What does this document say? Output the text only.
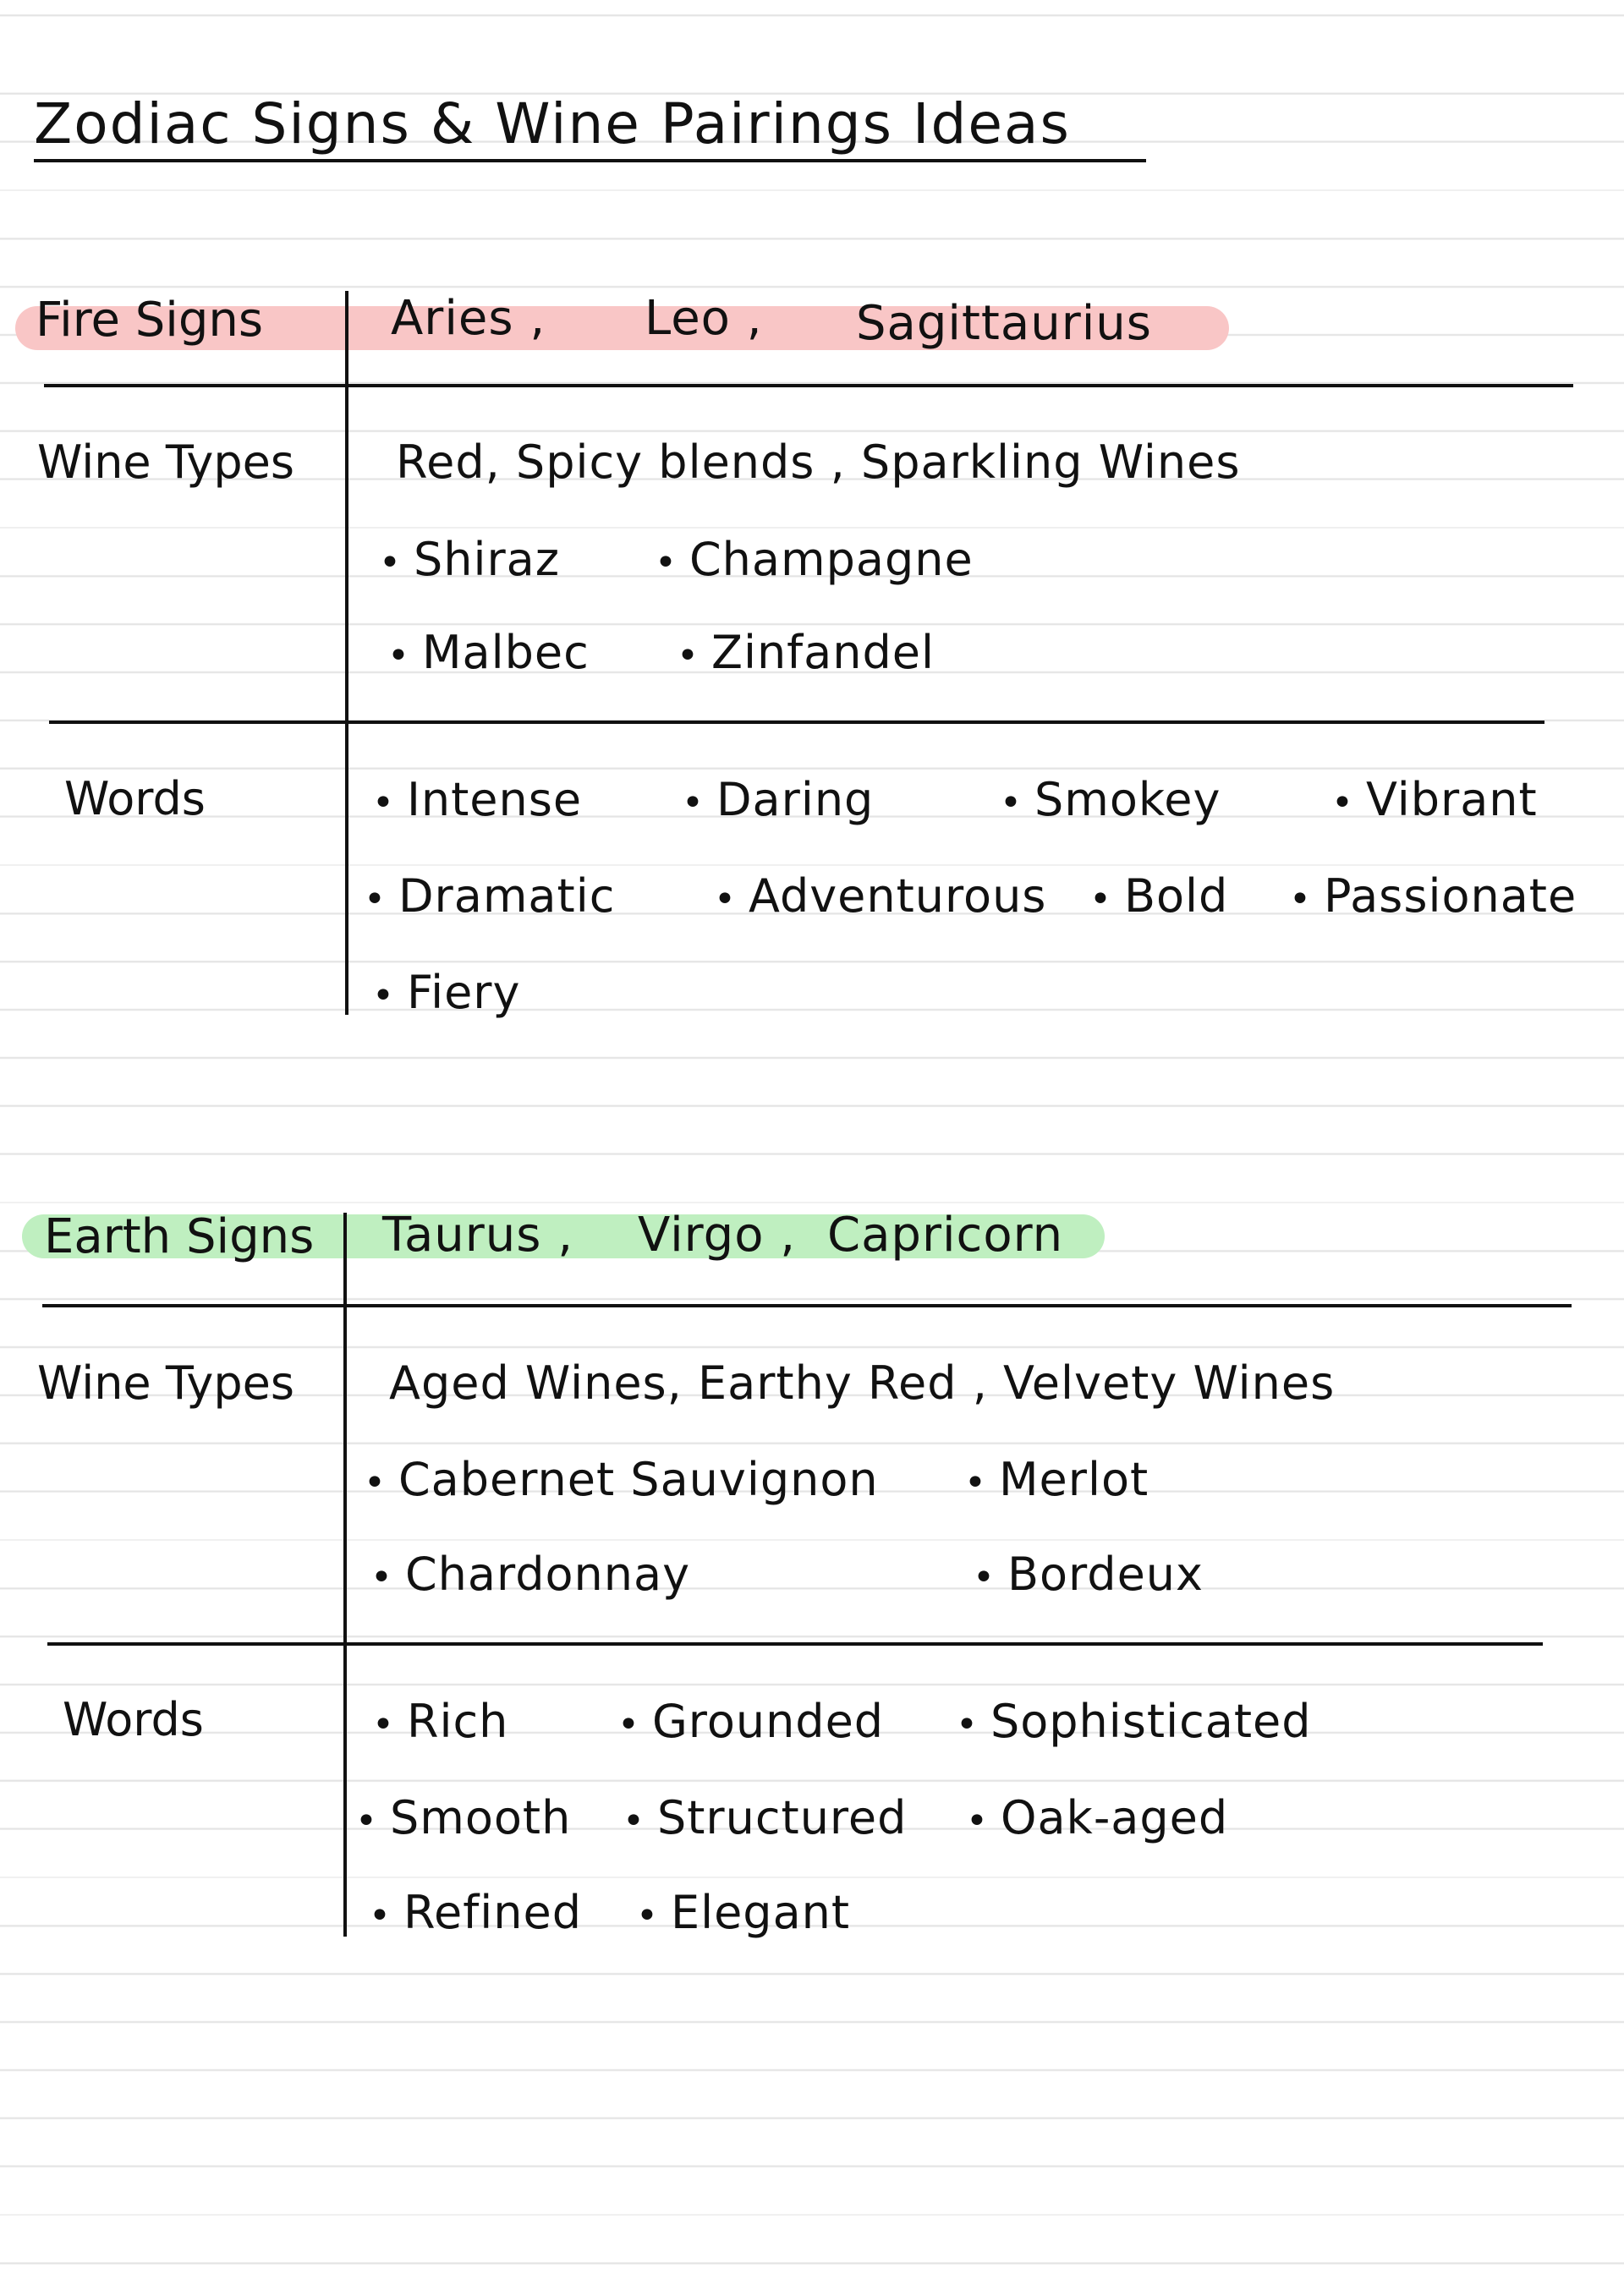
Zodiac Signs & Wine Pairings Ideas
Fire Signs	Aries , Leo , Sagittaurius
Wine Types Red, Spicy blends , Sparkling Wines
• Shiraz	• Champagne
• Malbec • Zinfandel
Words	• Intense	• Daring	• Smokey	• Vibrant
• Dramatic	• Adventurous • Bold • Passionate
• Fiery
Earth Signs Taurus , Virgo , Capricorn
Wine Types Aged Wines, Earthy Red , Velvety Wines
• Cabernet Sauvignon • Merlot
• Chardonnay	• Bordeux
Words	• Rich	• Grounded • Sophisticated
• Smooth • Structured • Oak-aged
• Refined • Elegant
